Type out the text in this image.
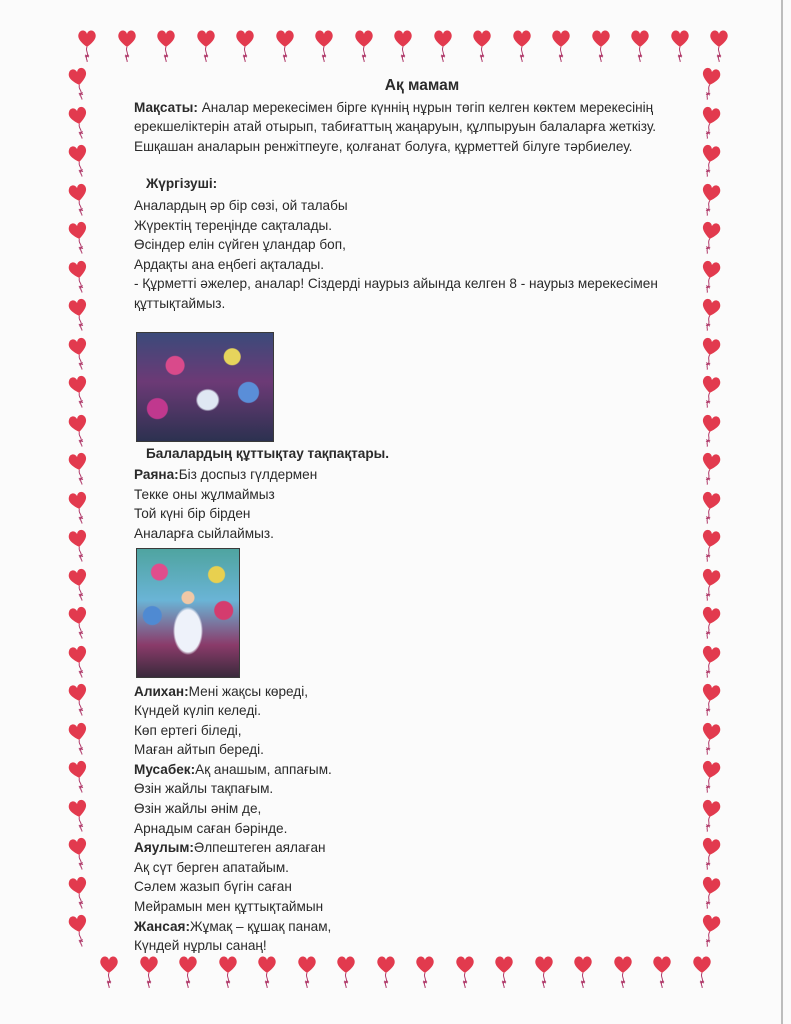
Ақ мамам

Мақсаты: Аналар мерекесімен бірге күннің нұрын төгіп келген көктем мерекесінің ерекшеліктерін атай отырып, табиғаттың жаңаруын, құлпыруын балаларға жеткізу. Ешқашан аналарын ренжітпеуге, қолғанат болуға, құрметтей білуге тәрбиелеу.

Жүргізуші:

Аналардың әр бір сөзі, ой талабы

Жүректің терeңінде сақталады.

Өсіндер елін сүйген ұландар боп,

Ардақты ана еңбегі ақталады.

- Құрметті әжелер, аналар! Сіздерді наурыз айында келген 8 - наурыз мерекесімен құттықтаймыз.

Балалардың құттықтау тақпақтары.

Раяна:Біз доспыз гүлдермен

Текке оны жұлмаймыз

Той күні бір бірден

Аналарға сыйлаймыз.

Алихан:Мені жақсы көреді,

Күндей күліп келеді.

Көп ертегі біледі,

Маған айтып береді.

Мусабек:Ақ анашым, аппағым.

Өзін жайлы тақпағым.

Өзін жайлы әнім де,

Арнадым саған бәрінде.

Аяулым:Әлпештеген аялаған

Ақ сүт берген апатайым.

Сәлем жазып бүгін саған

Мейрамын мен құттықтаймын

Жансая:Жұмақ – құшақ панам,

Күндей нұрлы санаң!
